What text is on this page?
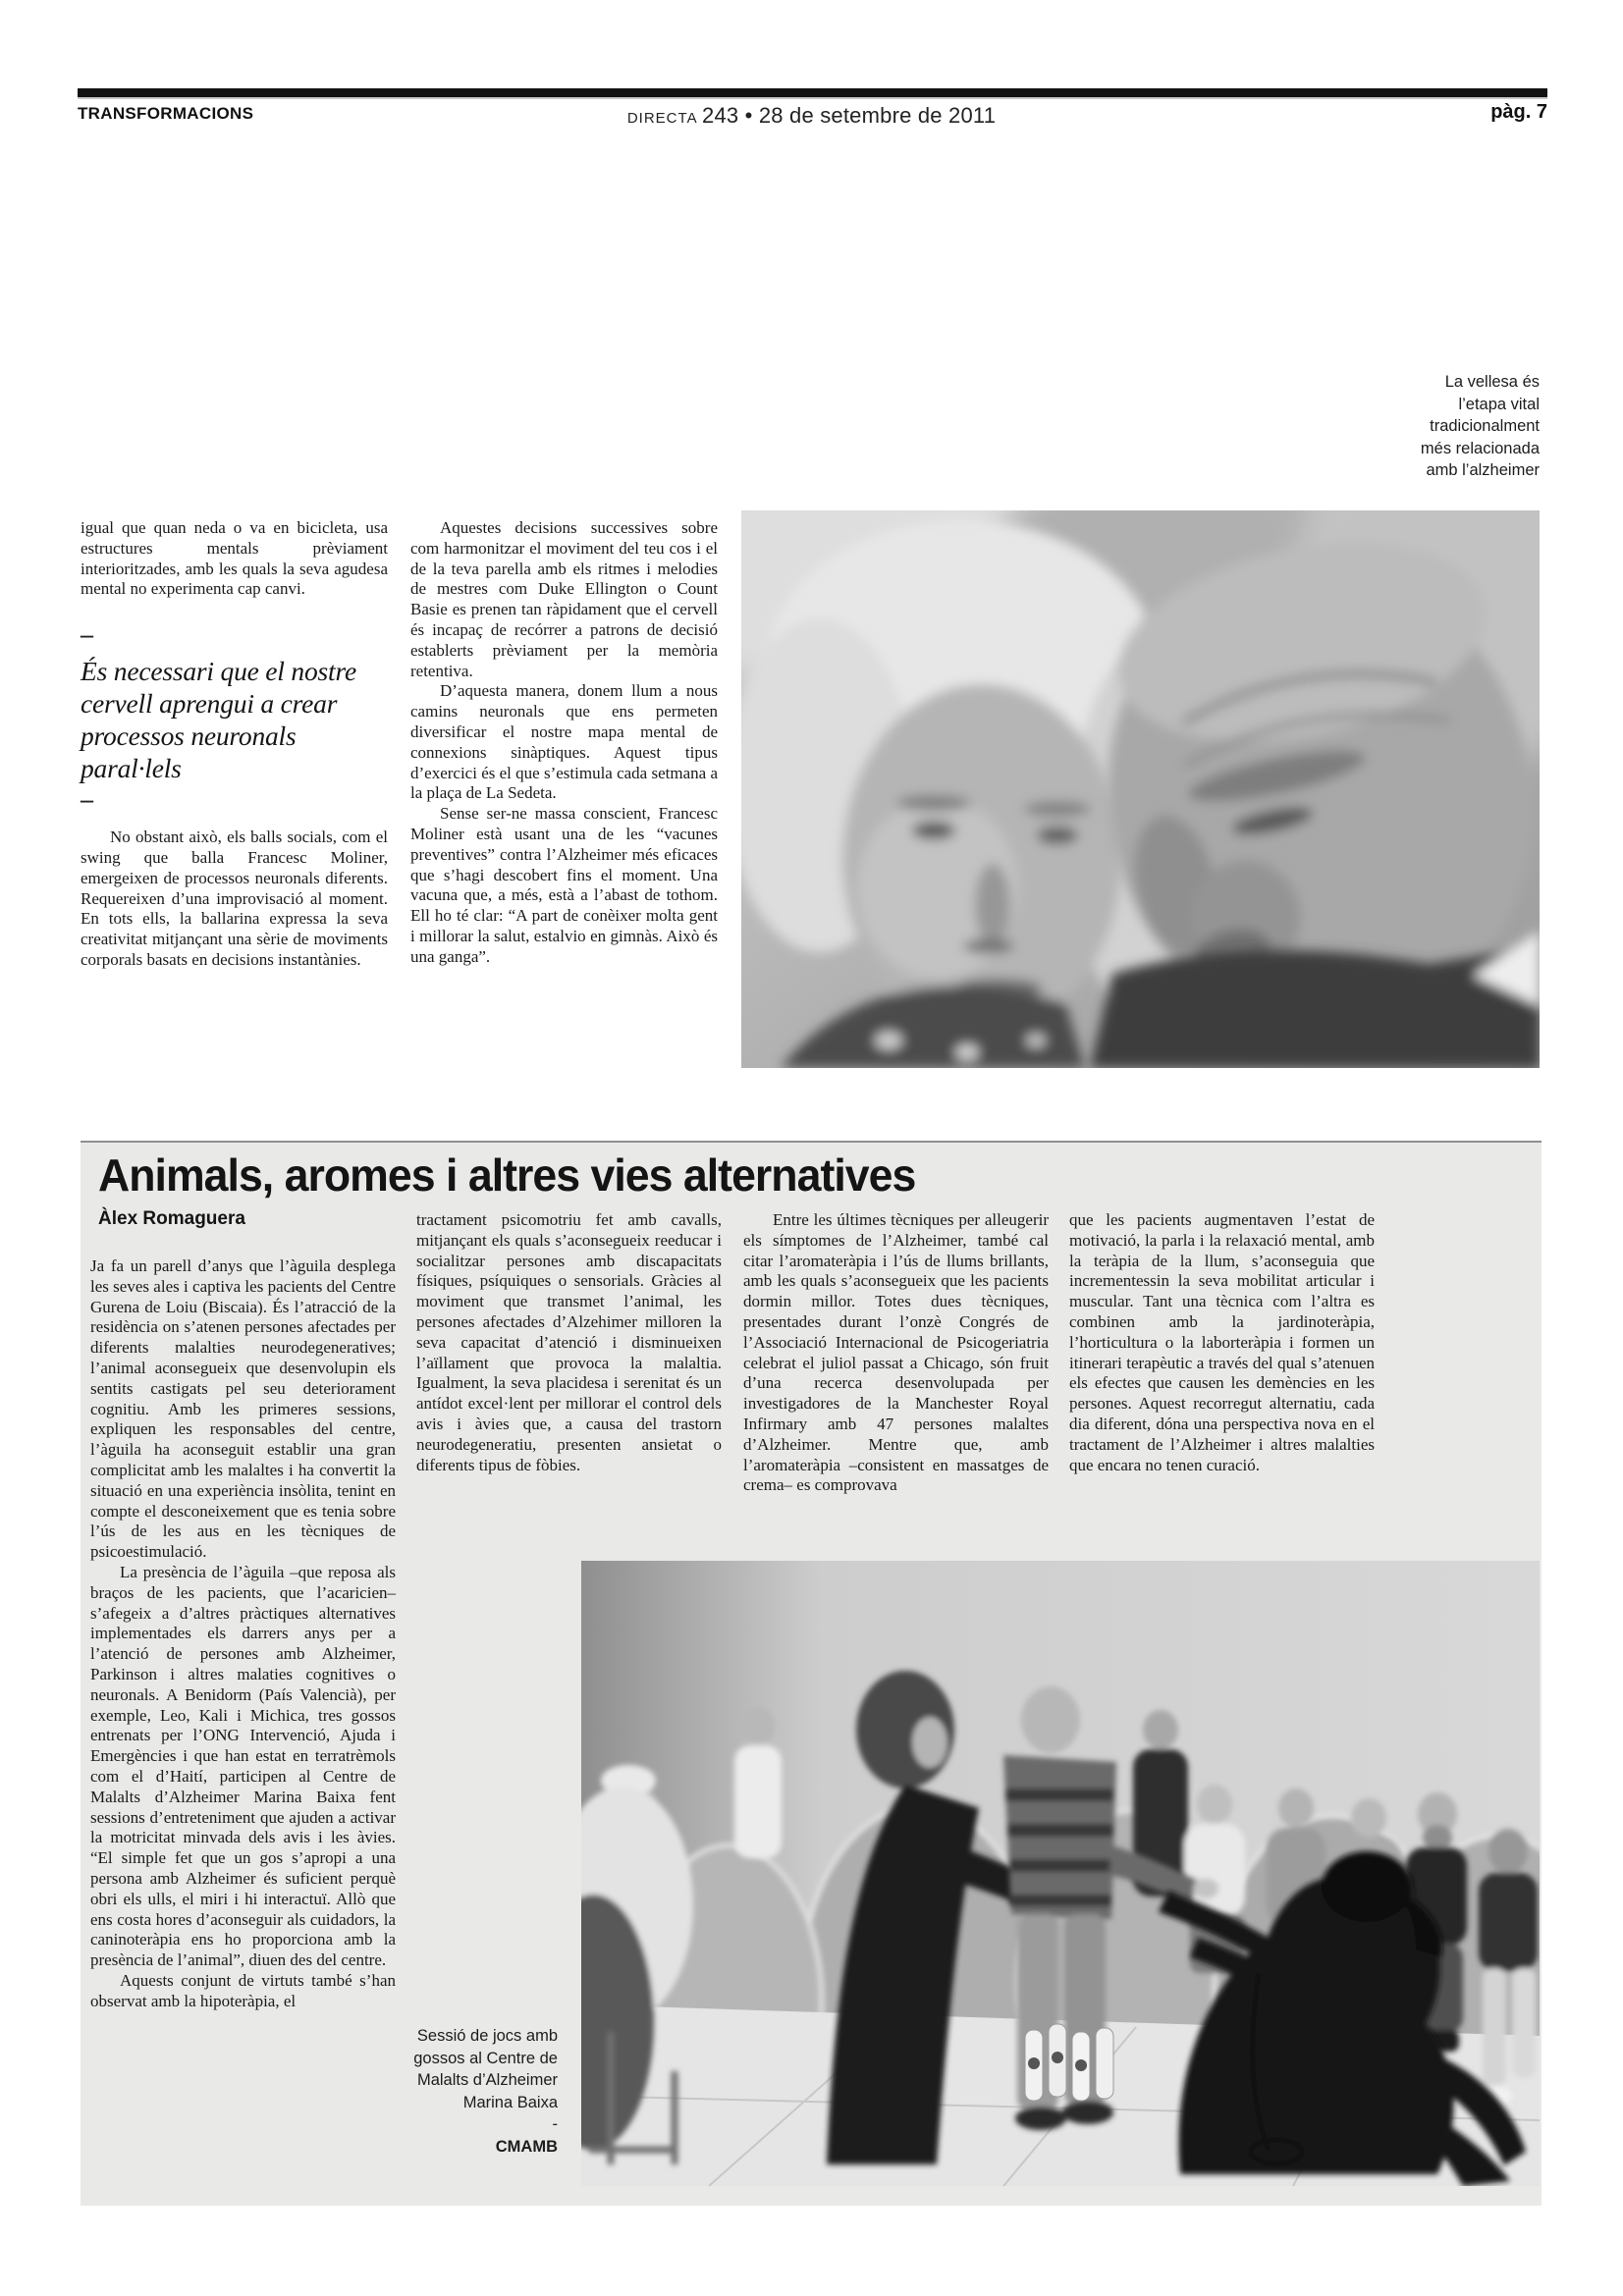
TRANSFORMACIONS	DIRECTA 243 • 28 de setembre de 2011	pàg. 7

igual que quan neda o va en bicicleta, usa estructures mentals prèviament interioritzades, amb les quals la seva agudesa mental no experimenta cap canvi.

–
És necessari que el nostre cervell aprengui a crear processos neuronals paral·lels
–

No obstant això, els balls socials, com el swing que balla Francesc Moliner, emergeixen de processos neuronals diferents. Requereixen d’una improvisació al moment. En tots ells, la ballarina expressa la seva creativitat mitjançant una sèrie de moviments corporals basats en decisions instantànies.

Aquestes decisions successives sobre com harmonitzar el moviment del teu cos i el de la teva parella amb els ritmes i melodies de mestres com Duke Ellington o Count Basie es prenen tan ràpidament que el cervell és incapaç de recórrer a patrons de decisió establerts prèviament per la memòria retentiva.

D’aquesta manera, donem llum a nous camins neuronals que ens permeten diversificar el nostre mapa mental de connexions sinàptiques. Aquest tipus d’exercici és el que s’estimula cada setmana a la plaça de La Sedeta.

Sense ser-ne massa conscient, Francesc Moliner està usant una de les “vacunes preventives” contra l’Alzheimer més eficaces que s’hagi descobert fins el moment. Una vacuna que, a més, està a l’abast de tothom. Ell ho té clar: “A part de conèixer molta gent i millorar la salut, estalvio en gimnàs. Això és una ganga”.

La vellesa és l’etapa vital tradicionalment més relacionada amb l’alzheimer
Animals, aromes i altres vies alternatives
Àlex Romaguera

Ja fa un parell d’anys que l’àguila desplega les seves ales i captiva les pacients del Centre Gurena de Loiu (Biscaia). És l’atracció de la residència on s’atenen persones afectades per diferents malalties neurodegeneratives; l’animal aconsegueix que desenvolupin els sentits castigats pel seu deteriorament cognitiu. Amb les primeres sessions, expliquen les responsables del centre, l’àguila ha aconseguit establir una gran complicitat amb les malaltes i ha convertit la situació en una experiència insòlita, tenint en compte el desconeixement que es tenia sobre l’ús de les aus en les tècniques de psicoestimulació.

La presència de l’àguila –que reposa als braços de les pacients, que l’acaricien– s’afegeix a d’altres pràctiques alternatives implementades els darrers anys per a l’atenció de persones amb Alzheimer, Parkinson i altres malaties cognitives o neuronals. A Benidorm (País Valencià), per exemple, Leo, Kali i Michica, tres gossos entrenats per l’ONG Intervenció, Ajuda i Emergències i que han estat en terratrèmols com el d’Haití, participen al Centre de Malalts d’Alzheimer Marina Baixa fent sessions d’entreteniment que ajuden a activar la motricitat minvada dels avis i les àvies. “El simple fet que un gos s’apropi a una persona amb Alzheimer és suficient perquè obri els ulls, el miri i hi interactuï. Allò que ens costa hores d’aconseguir als cuidadors, la caninoteràpia ens ho proporciona amb la presència de l’animal”, diuen des del centre.

Aquests conjunt de virtuts també s’han observat amb la hipoteràpia, el

tractament psicomotriu fet amb cavalls, mitjançant els quals s’aconsegueix reeducar i socialitzar persones amb discapacitats físiques, psíquiques o sensorials. Gràcies al moviment que transmet l’animal, les persones afectades d’Alzehimer milloren la seva capacitat d’atenció i disminueixen l’aïllament que provoca la malaltia. Igualment, la seva placidesa i serenitat és un antídot excel·lent per millorar el control dels avis i àvies que, a causa del trastorn neurodegeneratiu, presenten ansietat o diferents tipus de fòbies.

Entre les últimes tècniques per alleugerir els símptomes de l’Alzheimer, també cal citar l’aromateràpia i l’ús de llums brillants, amb les quals s’aconsegueix que les pacients dormin millor. Totes dues tècniques, presentades durant l’onzè Congrés de l’Associació Internacional de Psicogeriatria celebrat el juliol passat a Chicago, són fruit d’una recerca desenvolupada per investigadores de la Manchester Royal Infirmary amb 47 persones malaltes d’Alzheimer. Mentre que, amb l’aromateràpia –consistent en massatges de crema– es comprovava

que les pacients augmentaven l’estat de motivació, la parla i la relaxació mental, amb la teràpia de la llum, s’aconseguia que incrementessin la seva mobilitat articular i muscular. Tant una tècnica com l’altra es combinen amb la jardinoteràpia, l’horticultura o la laborteràpia i formen un itinerari terapèutic a través del qual s’atenuen els efectes que causen les demències en les persones. Aquest recorregut alternatiu, cada dia diferent, dóna una perspectiva nova en el tractament de l’Alzheimer i altres malalties que encara no tenen curació.

Sessió de jocs amb gossos al Centre de Malalts d’Alzheimer Marina Baixa
-
CMAMB
